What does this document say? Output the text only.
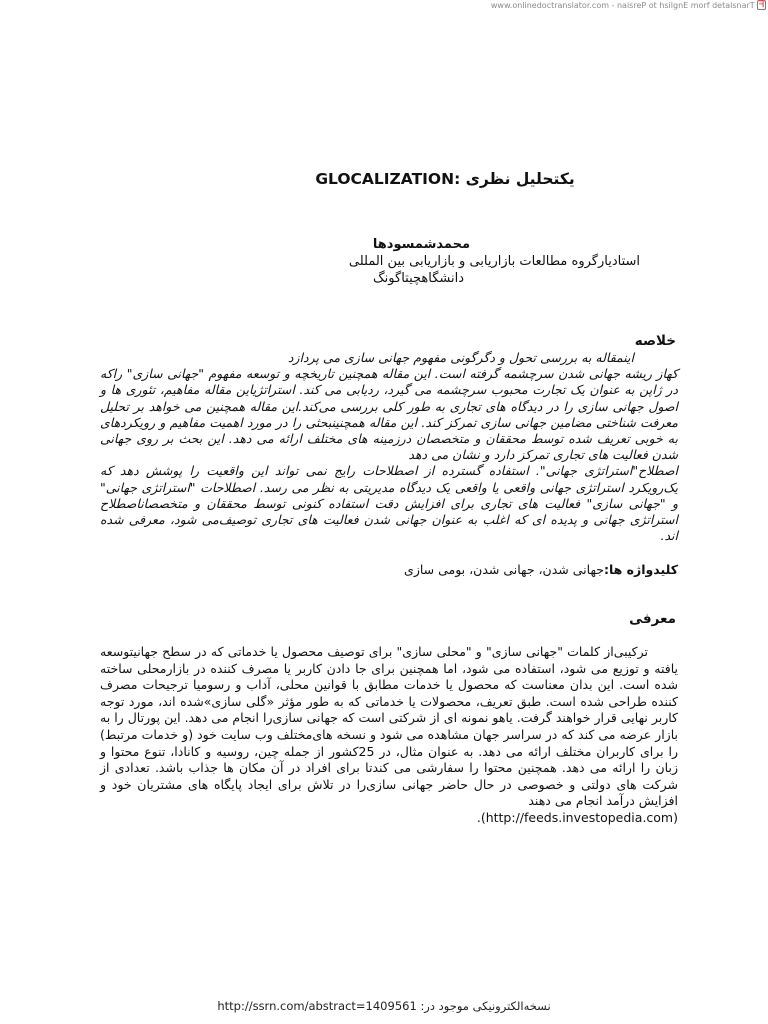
www.onlinedoctranslator.com - naisreP ot hsilgnE morf detalsnarT ᖷ
یکتحلیل نظری :GLOCALIZATION
محمدشمسودها
استادیارگروه مطالعات بازاریابی و بازاریابی بین المللی
دانشگاهچیتاگونگ
خلاصه

اینمقاله به بررسی تحول و دگرگونی مفهوم جهانی سازی می پردازد

کهاز ریشه جهانی شدن سرچشمه گرفته است. این مقاله همچنین تاریخچه و توسعه مفهوم "جهانی سازی" راکه در ژاپن به عنوان یک تجارت محبوب سرچشمه می گیرد، ردیابی می کند. استراتژیاین مقاله مفاهیم، تئوری ها و اصول جهانی سازی را در دیدگاه های تجاری به طور کلی بررسی می‌کند.این مقاله همچنین می خواهد بر تحلیل معرفت شناختی مضامین جهانی سازی تمرکز کند. این مقاله همچنینبحثی را در مورد اهمیت مفاهیم و رویکردهای به خوبی تعریف شده توسط محققان و متخصصان درزمینه های مختلف ارائه می دهد. این بحث بر روی جهانی شدن فعالیت های تجاری تمرکز دارد و نشان می دهد

اصطلاح"استراتژی جهانی". استفاده گسترده از اصطلاحات رایج نمی تواند این واقعیت را پوشش دهد که یک‌رویکرد استراتژی جهانی واقعی یا واقعی یک دیدگاه مدیریتی به نظر می رسد. اصطلاحات "استراتژی جهانی" و "جهانی سازی" فعالیت های تجاری برای افزایش دقت استفاده کنونی توسط محققان و متخصصاناصطلاح استراتژی جهانی و پدیده ای که اغلب به عنوان جهانی شدن فعالیت های تجاری توصیف‌می شود، معرفی شده اند.

کلیدواژه ها:جهانی شدن، جهانی شدن، بومی سازی
معرفی

ترکیبی‌از کلمات "جهانی سازی" و "محلی سازی" برای توصیف محصول یا خدماتی که در سطح جهانیتوسعه یافته و توزیع می شود، استفاده می شود، اما همچنین برای جا دادن کاربر یا مصرف کننده در بازارمحلی ساخته شده است. این بدان معناست که محصول یا خدمات مطابق با قوانین محلی، آداب و رسومیا ترجیحات مصرف کننده طراحی شده است. طبق تعریف، محصولات یا خدماتی که به طور مؤثر «گلی سازی»شده اند، مورد توجه کاربر نهایی قرار خواهند گرفت. یاهو نمونه ای از شرکتی است که جهانی سازی‌را انجام می دهد. این پورتال را به بازار عرضه می کند که در سراسر جهان مشاهده می شود و نسخه های‌مختلف وب سایت خود (و خدمات مرتبط) را برای کاربران مختلف ارائه می دهد. به عنوان مثال، در 25کشور از جمله چین، روسیه و کانادا، تنوع محتوا و زبان را ارائه می دهد. همچنین محتوا را سفارشی می کندتا برای افراد در آن مکان ها جذاب باشد. تعدادی از شرکت های دولتی و خصوصی در حال حاضر جهانی سازی‌را در تلاش برای ایجاد پایگاه های مشتریان خود و افزایش درآمد انجام می دهند

.(http://feeds.investopedia.com)
نسخه‌الکترونیکی موجود در: http://ssrn.com/abstract=1409561
